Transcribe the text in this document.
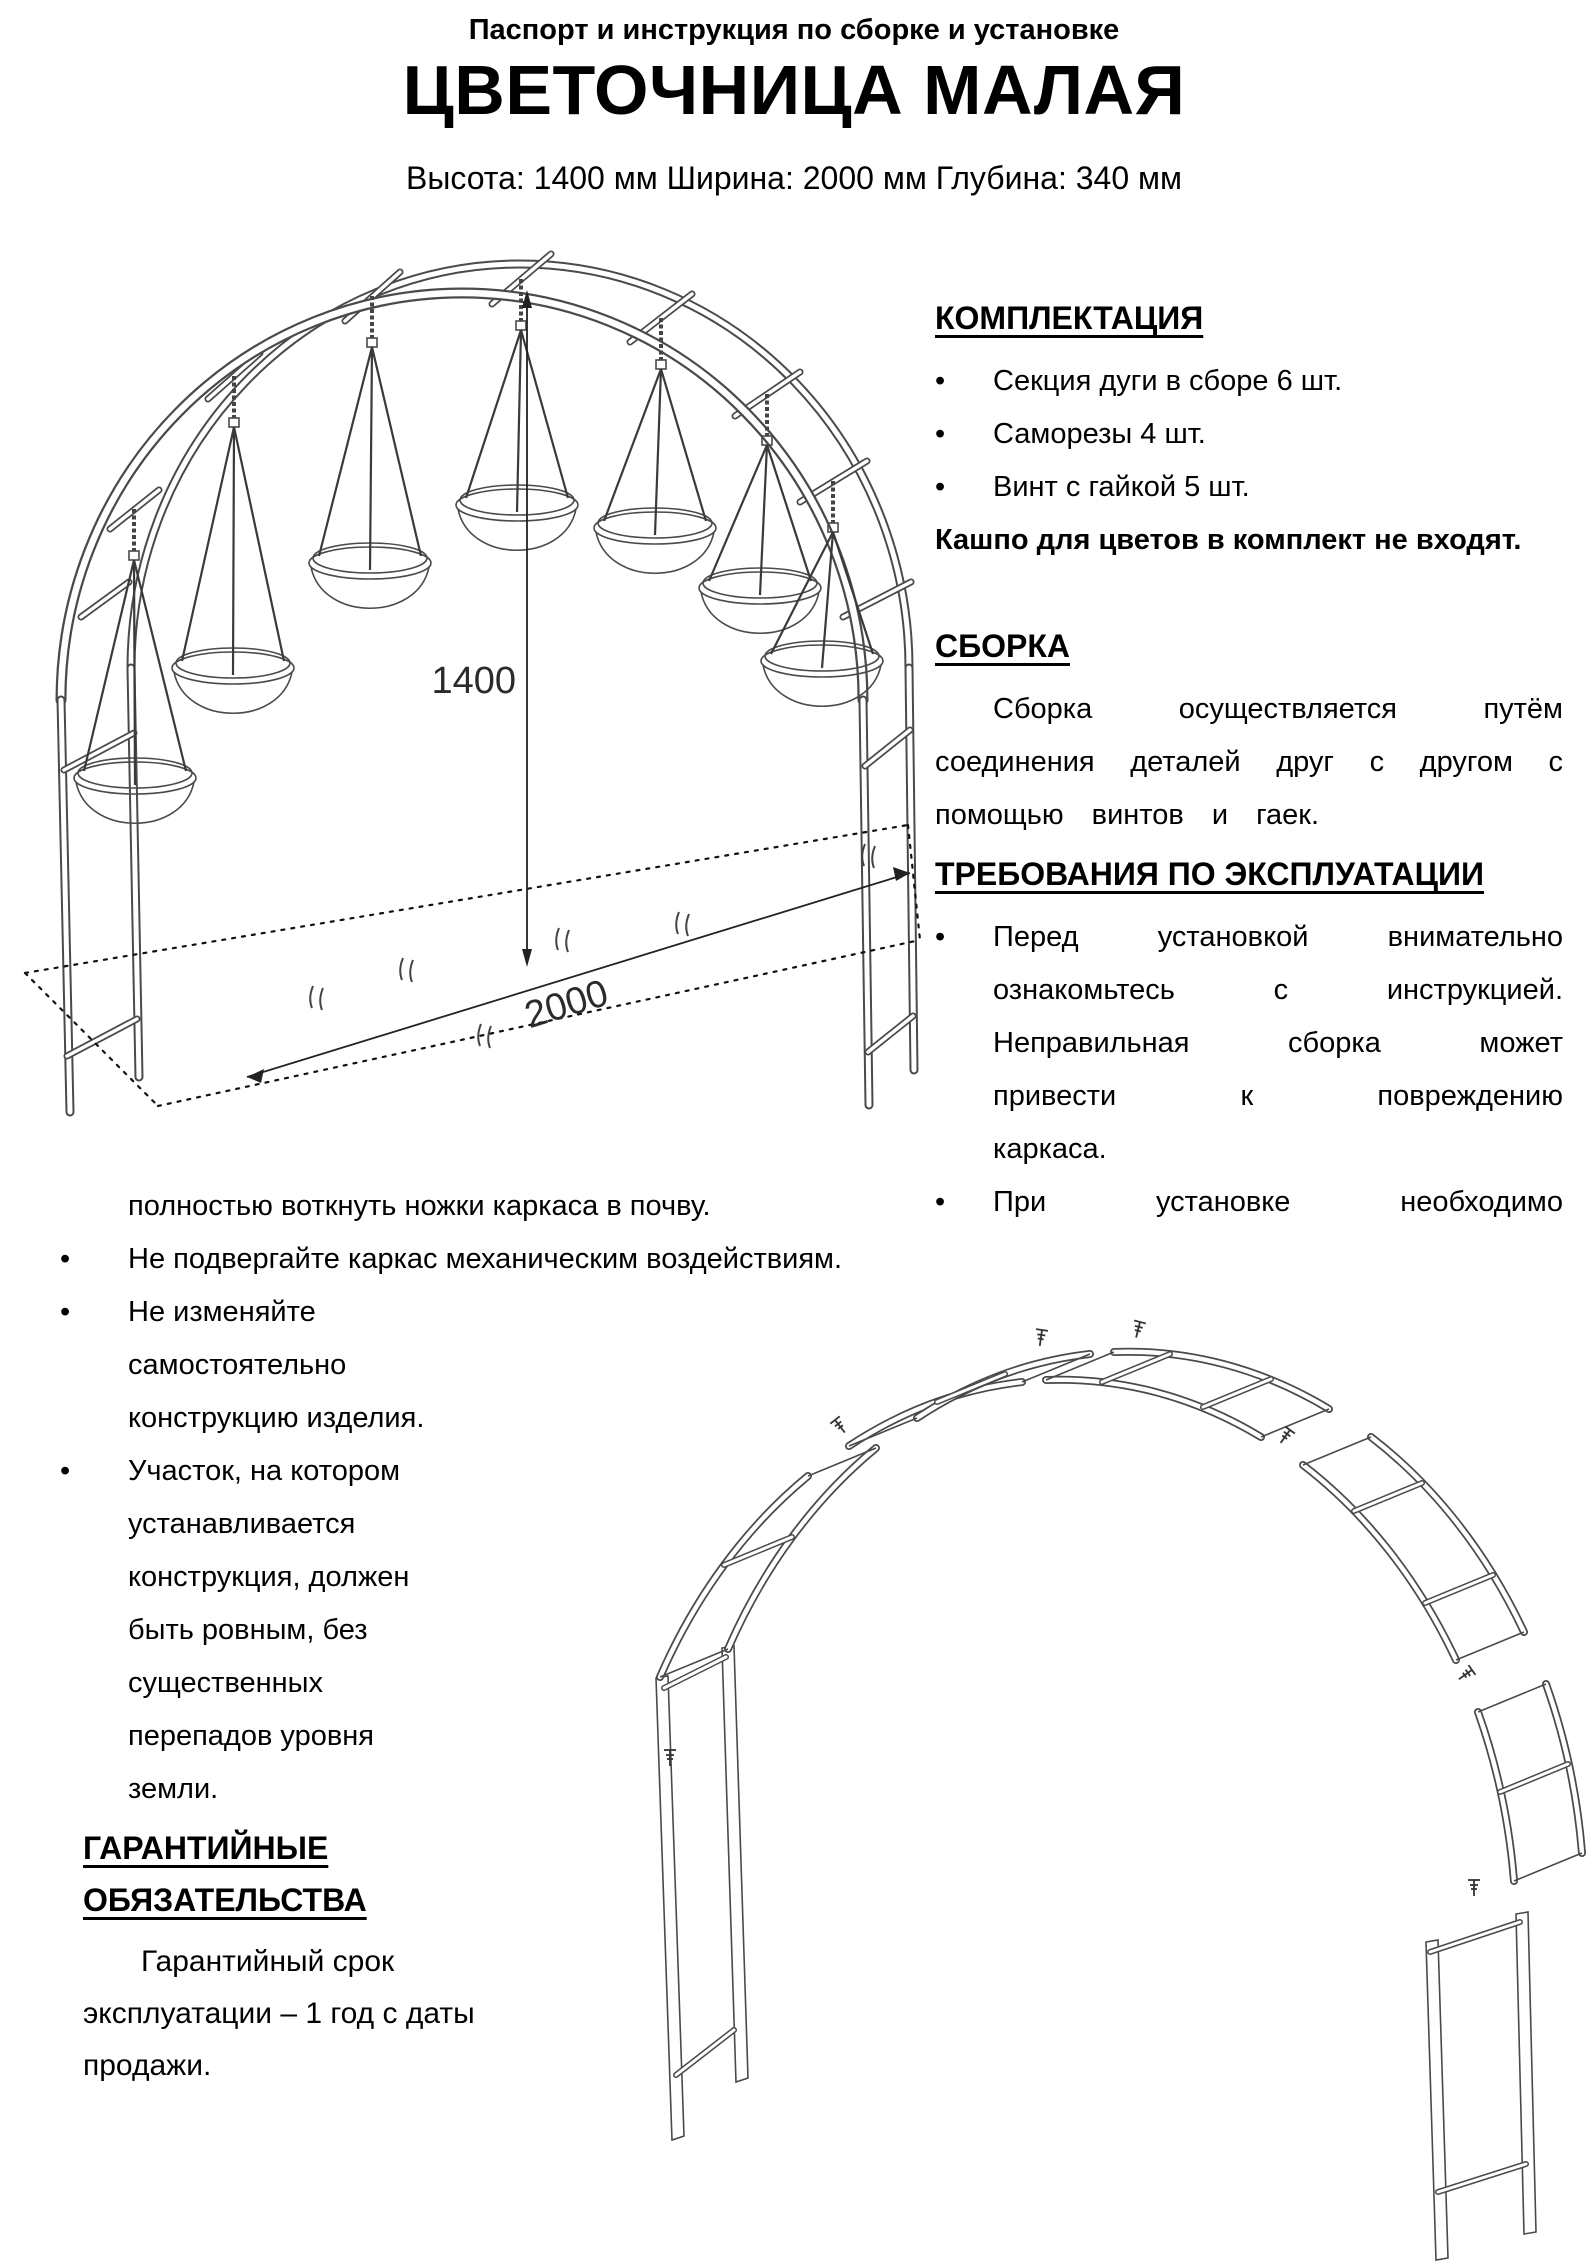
Паспорт и инструкция по сборке и установке
ЦВЕТОЧНИЦА МАЛАЯ
Высота: 1400 мм Ширина: 2000 мм Глубина: 340 мм
1400
2000
КОМПЛЕКТАЦИЯ
•	Секция дуги в сборе 6 шт.
•	Саморезы 4 шт.
•	Винт с гайкой 5 шт.
Кашпо для цветов в комплект не входят.
СБОРКА
Сборка осуществляется путём соединения деталей друг с другом с помощью винтов и гаек.
ТРЕБОВАНИЯ ПО ЭКСПЛУАТАЦИИ
•	Перед установкой внимательно ознакомьтесь с инструкцией. Неправильная сборка может привести к повреждению каркаса.
•	При установке необходимо
полностью воткнуть ножки каркаса в почву.
•	Не подвергайте каркас механическим воздействиям.
•	Не изменяйте самостоятельно конструкцию изделия.
•	Участок, на котором устанавливается конструкция, должен быть ровным, без существенных перепадов уровня земли.
ГАРАНТИЙНЫЕ
ОБЯЗАТЕЛЬСТВА
Гарантийный срок эксплуатации – 1 год с даты продажи.
